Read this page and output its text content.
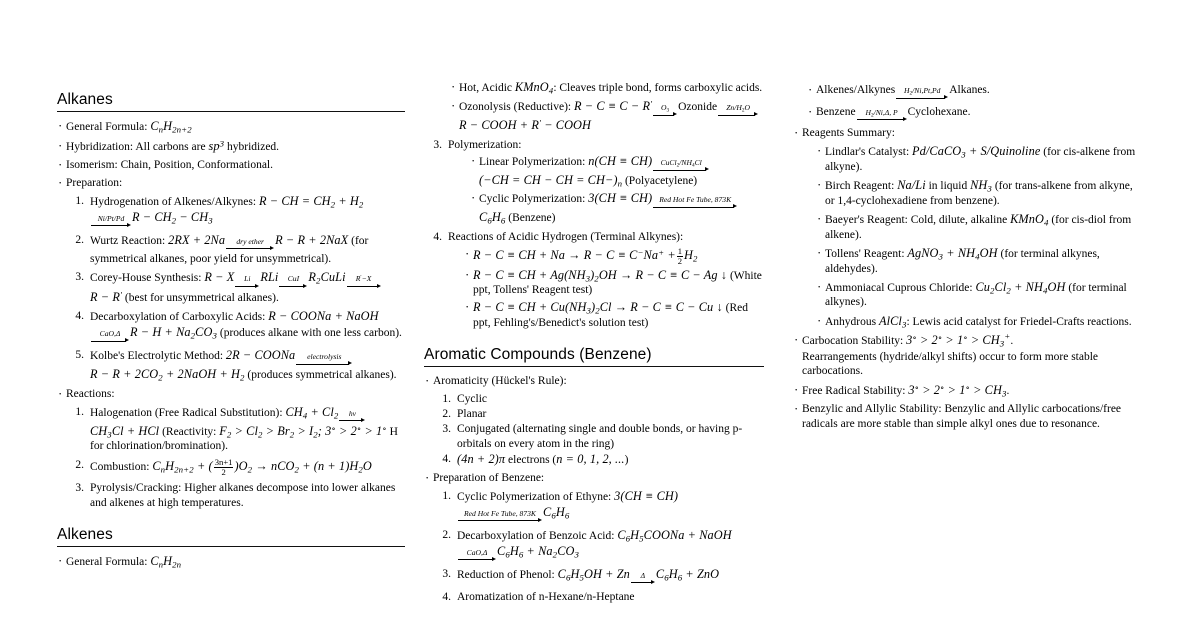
Alkanes
· General Formula: $C_nH_{2n+2}$
· Hybridization: All carbons are $sp^3$ hybridized.
· Isomerism: Chain, Position, Conformational.
· Preparation:
Hydrogenation of Alkenes/Alkynes: R − CH = $CH_2 + H_2$
Ni/Pt/Pd $R - CH_2 - CH_3$
Wurtz Reaction: 2RX + 2Na	dry ether R − R + 2NaX (for symmetrical alkanes, poor yield for unsymmetrical).
Corey-House Synthesis: R − X	Li RLi	CuI $R_2CuLi$	R′−X
R − R′ (best for unsymmetrical alkanes).
Decarboxylation of Carboxylic Acids: R − COONa + NaOH
CaO,Δ $R - H + Na_2CO_3$ (produces alkane with one less carbon).
Kolbe's Electrolytic Method: 2R − COONa	electrolysis
$R - R + 2CO_2$ + 2NaOH + $H_2$ (produces symmetrical alkanes).
· Reactions:
Halogenation (Free Radical Substitution): $CH_4 + Cl_2$	hν
$CH_3Cl$ + HCl (Reactivity: $F_2 > Cl_2 > Br_2 > I_2$; 3∘ > 2∘ > 1∘ H for chlorination/bromination).
Combustion: $C_nH_{2n+2}$ + ( $\frac{3n+1}{2} )O_2 \to nCO_2 + (n + 1)H_2O$
Pyrolysis/Cracking: Higher alkanes decompose into lower alkanes and alkenes at high temperatures.
Alkenes
· General Formula: $C_nH_{2n}$
· Hot, Acidic KMnO$_4$: Cleaves triple bond, forms carboxylic acids.
· Ozonolysis (Reductive): R − C ≡ C − R′	$O_3$ Ozonide	$Zn/H_2O$
R − COOH + R′ − COOH
Polymerization:
· Linear Polymerization: n(CH ≡ CH)	$CuCl_2/NH_4Cl$
(−CH = CH − CH = $CH-)_n$ (Polyacetylene)
· Cyclic Polymerization: 3(CH ≡ CH) Red Hot Fe Tube, 873K
$C_6H_6$ (Benzene)
Reactions of Acidic Hydrogen (Terminal Alkynes):
· R − C ≡ CH + $Na \to R - C \equiv C^-Na^+ + \frac{1}{2} H_2$
· R − C ≡ CH + $Ag(NH_3)_2OH \to R - C \equiv C - Ag$ ↓ (White ppt, Tollens' Reagent test)
· R − C ≡ CH + $Cu(NH_3)_2Cl \to R - C \equiv C - Cu$ ↓ (Red ppt, Fehling's/Benedict's solution test)
Aromatic Compounds (Benzene)
· Aromaticity (Hückel's Rule):
Cyclic
Planar
Conjugated (alternating single and double bonds, or having p-orbitals on every atom in the ring)
(4n + 2)π electrons (n = 0, 1, 2, ...)
· Preparation of Benzene:
Cyclic Polymerization of Ethyne: 3(CH ≡ CH)
Red Hot Fe Tube, 873K $C_6H_6$
Decarboxylation of Benzoic Acid: $C_6H_5COONa$ + NaOH
CaO,Δ $C_6H_6 + Na_2CO_3$
Reduction of Phenol: $C_6H_5OH + Zn$	Δ $C_6H_6$ + ZnO
Aromatization of n-Hexane/n-Heptane
· Alkenes/Alkynes	$H_2/Ni,Pt,Pd$ Alkanes.
· Benzene	$H_2/Ni,\Delta$, P Cyclohexane.
· Reagents Summary:
· Lindlar's Catalyst: Pd/CaCO$_3$ + S/Quinoline (for cis-alkene from alkyne).
· Birch Reagent: Na/Li in liquid $NH_3$ (for trans-alkene from alkyne, or 1,4-cyclohexadiene from benzene).
· Baeyer's Reagent: Cold, dilute, alkaline KMnO$_4$ (for cis-diol from alkene).
· Tollens' Reagent: AgNO$_3$ + $NH_4OH$ (for terminal alkynes, aldehydes).
· Ammoniacal Cuprous Chloride: $Cu_2Cl_2 + NH_4OH$ (for terminal alkynes).
· Anhydrous AlCl$_3$: Lewis acid catalyst for Friedel-Crafts reactions.
· Carbocation Stability: $3^\circ > 2^\circ > 1^\circ > CH_3^+$.
Rearrangements (hydride/alkyl shifts) occur to form more stable carbocations.
· Free Radical Stability: $3^\circ > 2^\circ > 1^\circ > CH_3$.
· Benzylic and Allylic Stability: Benzylic and Allylic carbocations/free radicals are more stable than simple alkyl ones due to resonance.
